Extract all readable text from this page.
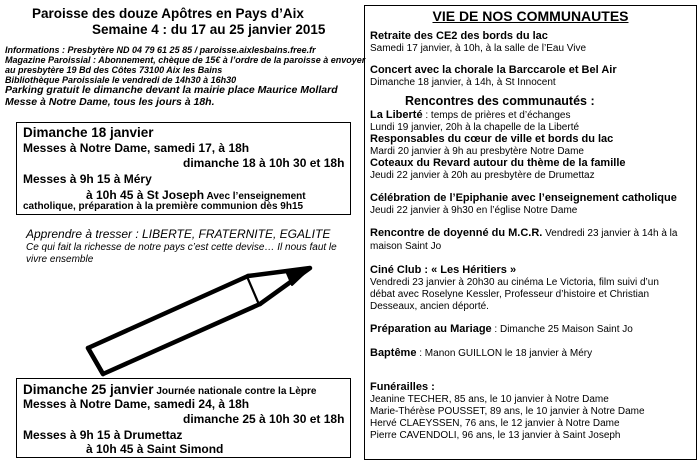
Paroisse des douze Apôtres en Pays d’Aix
Semaine 4 : du 17 au 25 janvier 2015
Informations : Presbytère ND 04 79 61 25 85 / paroisse.aixlesbains.free.fr
Magazine Paroissial : Abonnement, chèque de 15€ à l’ordre de la paroisse à envoyer
au presbytère 19 Bd des Côtes 73100 Aix les Bains
Bibliothèque Paroissiale le vendredi de 14h30 à 16h30
Parking gratuit le dimanche devant la mairie place Maurice Mollard
Messe à Notre Dame, tous les jours à 18h.
Dimanche 18 janvier
Messes à Notre Dame, samedi 17, à 18h
dimanche 18 à 10h 30 et 18h
Messes à 9h 15 à Méry
à 10h 45 à St Joseph Avec l’enseignement
catholique, préparation à la première communion dès 9h15
Apprendre à tresser : LIBERTE, FRATERNITE, EGALITE
Ce qui fait la richesse de notre pays c’est cette devise… Il nous faut le
vivre ensemble
Dimanche 25 janvier Journée nationale contre la Lèpre
Messes à Notre Dame, samedi 24, à 18h
dimanche 25 à 10h 30 et 18h
Messes à 9h 15 à Drumettaz
à 10h 45 à Saint Simond
VIE DE NOS COMMUNAUTES
Retraite des CE2 des bords du lac
Samedi 17 janvier, à 10h, à la salle de l’Eau Vive
Concert avec la chorale la Barccarole et Bel Air
Dimanche 18 janvier, à 14h, à St Innocent
Rencontres des communautés :
La Liberté : temps de prières et d’échanges
Lundi 19 janvier, 20h à la chapelle de la Liberté
Responsables du cœur de ville et bords du lac
Mardi 20 janvier à 9h au presbytère Notre Dame
Coteaux du Revard autour du thème de la famille
Jeudi 22 janvier à 20h au presbytère de Drumettaz
Célébration de l’Epiphanie avec l’enseignement catholique
Jeudi 22 janvier à 9h30 en l’église Notre Dame
Rencontre de doyenné du M.C.R. Vendredi 23 janvier à 14h à la
maison Saint Jo
Ciné Club : « Les Héritiers »
Vendredi 23 janvier à 20h30 au cinéma Le Victoria, film suivi d’un
débat avec Roselyne Kessler, Professeur d’histoire et Christian
Desseaux, ancien déporté.
Préparation au Mariage : Dimanche 25 Maison Saint Jo
Baptême : Manon GUILLON le 18 janvier à Méry
Funérailles :
Jeanine TECHER, 85 ans, le 10 janvier à Notre Dame
Marie-Thérèse POUSSET, 89 ans, le 10 janvier à Notre Dame
Hervé CLAEYSSEN, 76 ans, le 12 janvier à Notre Dame
Pierre CAVENDOLI, 96 ans, le 13 janvier à Saint Joseph
